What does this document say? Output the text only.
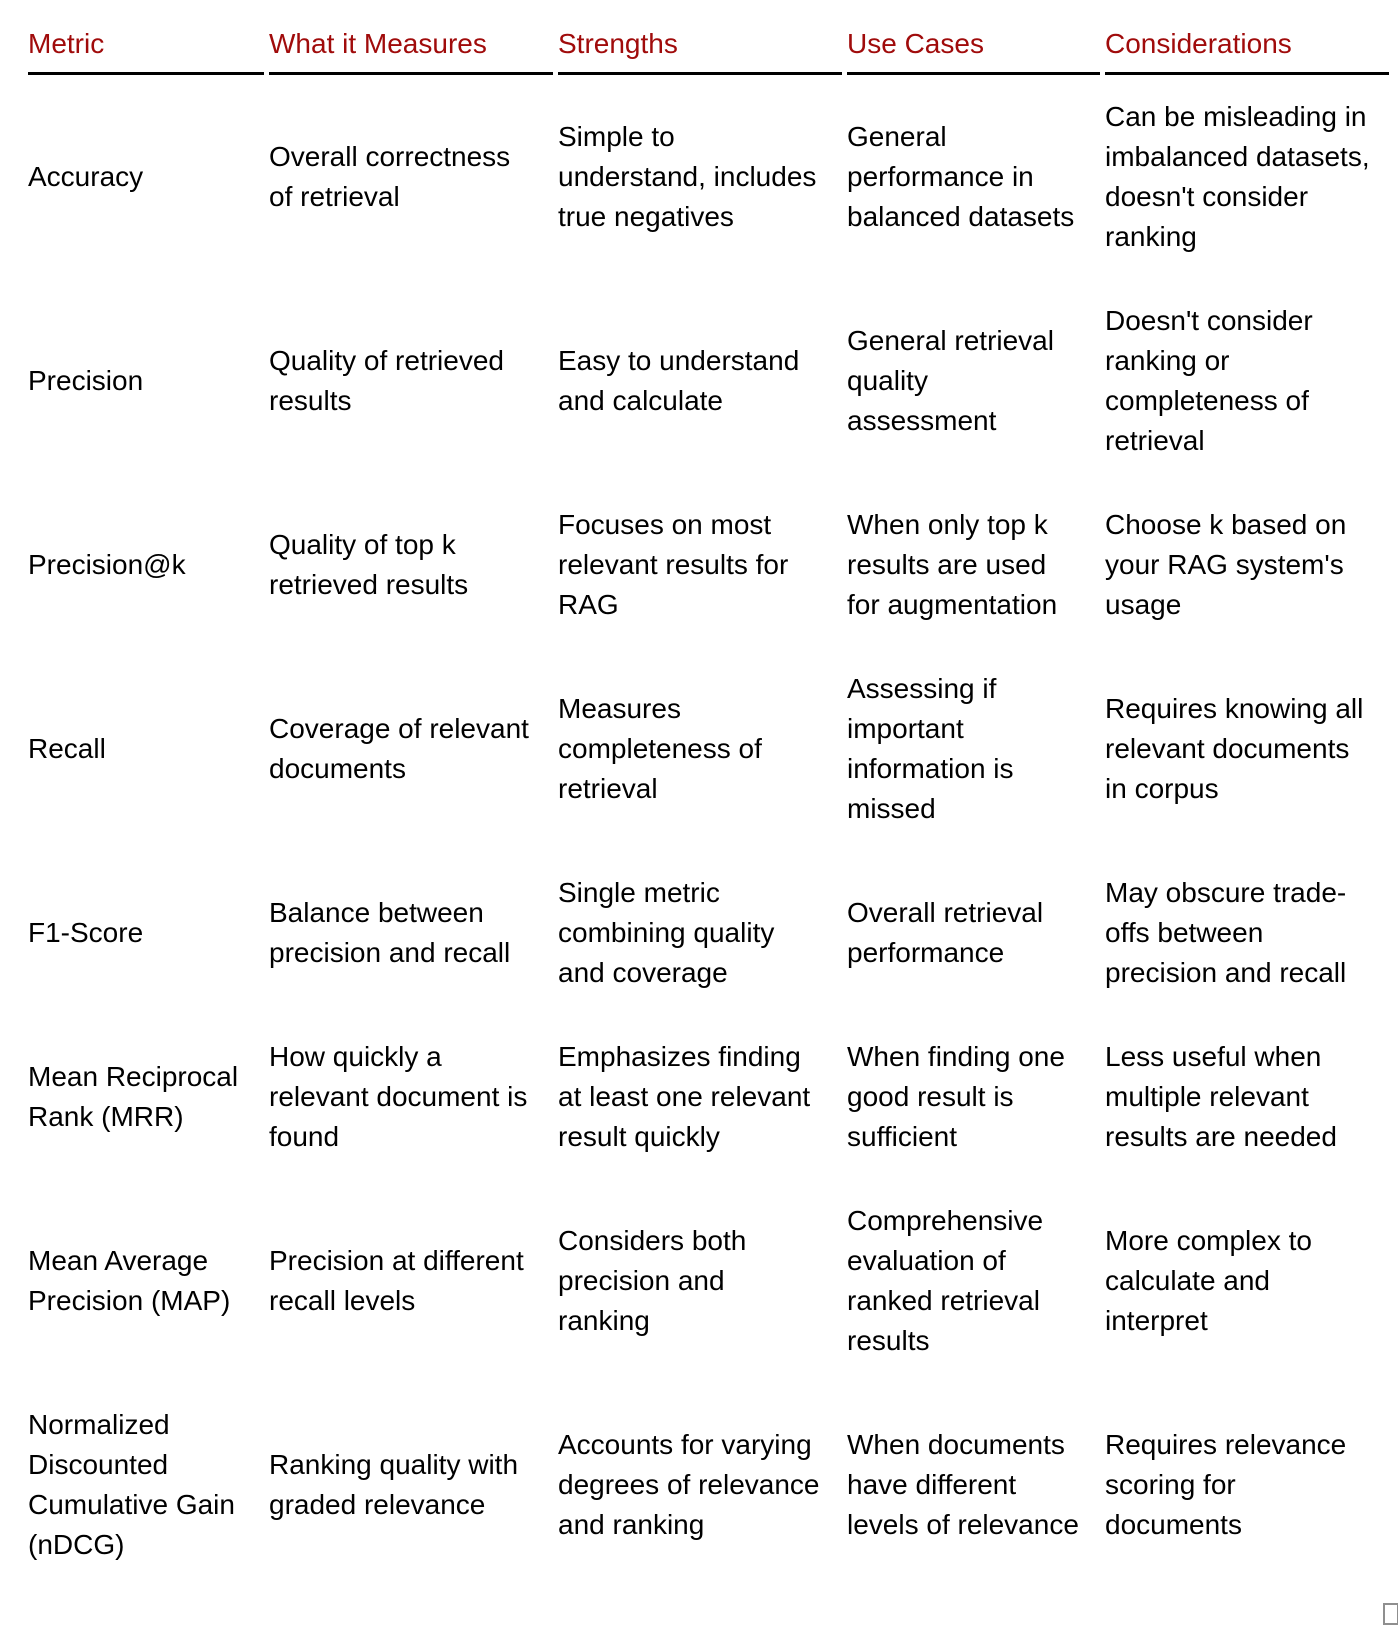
Metric	What it Measures	Strengths	Use Cases	Considerations
Accuracy	Overall correctness of retrieval	Simple to understand, includes true negatives	General performance in balanced datasets	Can be misleading in imbalanced datasets, doesn't consider ranking
Precision	Quality of retrieved results	Easy to understand and calculate	General retrieval quality assessment	Doesn't consider ranking or completeness of retrieval
Precision@k	Quality of top k retrieved results	Focuses on most relevant results for RAG	When only top k results are used for augmentation	Choose k based on your RAG system's usage
Recall	Coverage of relevant documents	Measures completeness of retrieval	Assessing if important information is missed	Requires knowing all relevant documents in corpus
F1-Score	Balance between precision and recall	Single metric combining quality and coverage	Overall retrieval performance	May obscure trade-offs between precision and recall
Mean Reciprocal Rank (MRR)	How quickly a relevant document is found	Emphasizes finding at least one relevant result quickly	When finding one good result is sufficient	Less useful when multiple relevant results are needed
Mean Average Precision (MAP)	Precision at different recall levels	Considers both precision and ranking	Comprehensive evaluation of ranked retrieval results	More complex to calculate and interpret
Normalized Discounted Cumulative Gain (nDCG)	Ranking quality with graded relevance	Accounts for varying degrees of relevance and ranking	When documents have different levels of relevance	Requires relevance scoring for documents
